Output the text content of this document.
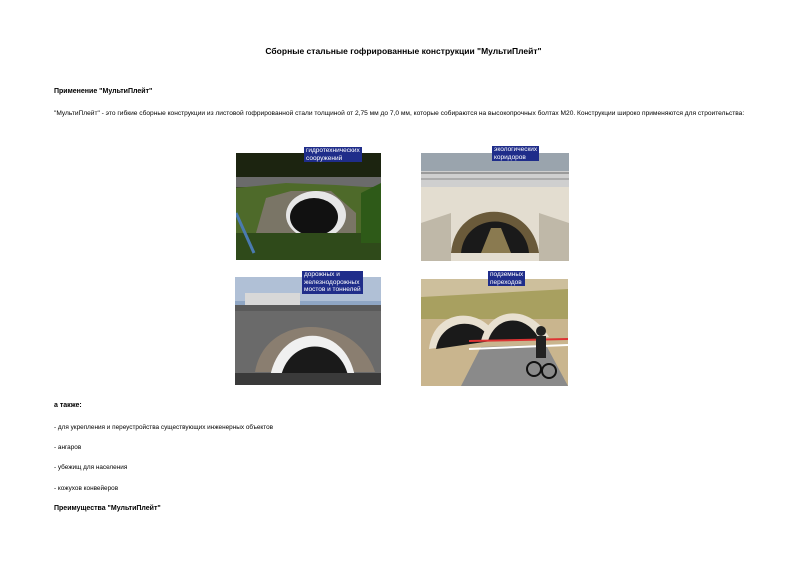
Сборные стальные гофрированные конструкции "МультиПлейт"
Применение "МультиПлейт"
"МультиПлейт" - это гибкие сборные конструкции из листовой гофрированной стали толщиной от 2,75 мм до 7,0 мм, которые собираются на высокопрочных болтах М20. Конструкции широко применяются для строительства:
гидротехнических
сооружений
экологических
коридоров
дорожных и
железнодорожных
мостов и тоннелей
подземных
переходов
а также:
- для укрепления и переустройства существующих инженерных объектов
- ангаров
- убежищ для населения
- кожухов конвейеров
Преимущества "МультиПлейт"
